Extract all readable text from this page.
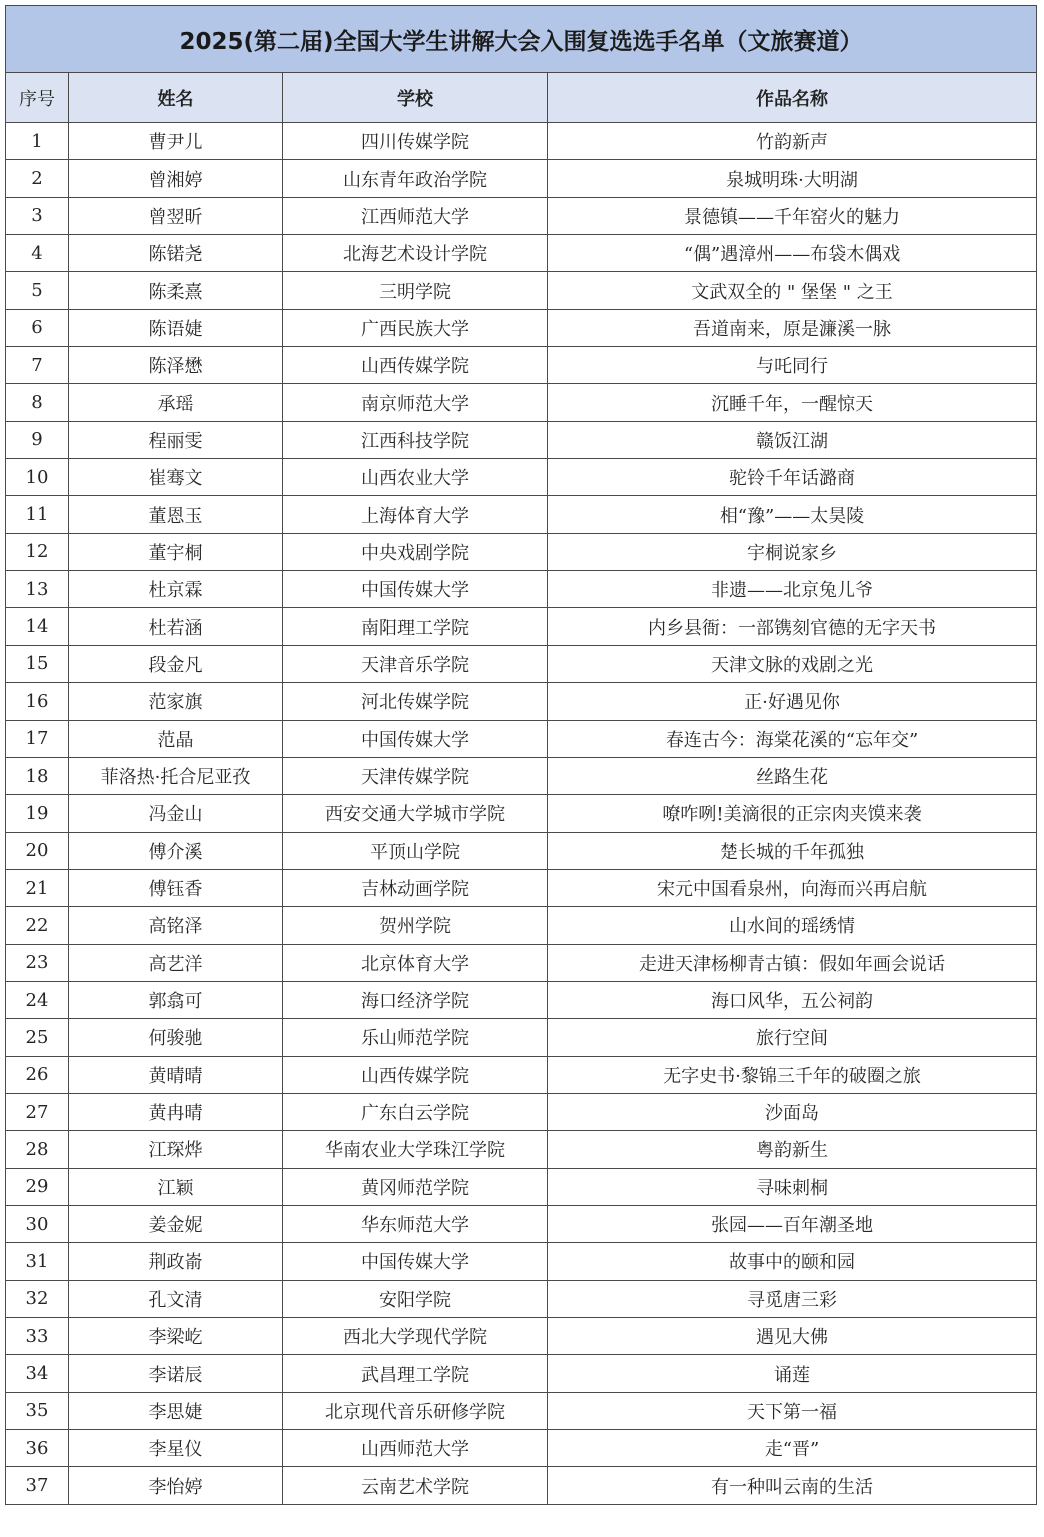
2025(第二届)全国大学生讲解大会入围复选选手名单（文旅赛道）			
序号	姓名	学校	作品名称
1	曹尹儿	四川传媒学院	竹韵新声
2	曾湘婷	山东青年政治学院	泉城明珠·大明湖
3	曾翌昕	江西师范大学	景德镇——千年窑火的魅力
4	陈锘尧	北海艺术设计学院	“偶”遇漳州——布袋木偶戏
5	陈柔熹	三明学院	文武双全的 " 堡堡 " 之王
6	陈语婕	广西民族大学	吾道南来，原是濂溪一脉
7	陈泽懋	山西传媒学院	与吒同行
8	承瑶	南京师范大学	沉睡千年，一醒惊天
9	程丽雯	江西科技学院	赣饭江湖
10	崔骞文	山西农业大学	驼铃千年话潞商
11	董恩玉	上海体育大学	相“豫”——太昊陵
12	董宇桐	中央戏剧学院	宇桐说家乡
13	杜京霖	中国传媒大学	非遗——北京兔儿爷
14	杜若涵	南阳理工学院	内乡县衙：一部镌刻官德的无字天书
15	段金凡	天津音乐学院	天津文脉的戏剧之光
16	范家旗	河北传媒学院	正·好遇见你
17	范晶	中国传媒大学	春连古今：海棠花溪的“忘年交”
18	菲洛热·托合尼亚孜	天津传媒学院	丝路生花
19	冯金山	西安交通大学城市学院	嘹咋咧!美滴很的正宗肉夹馍来袭
20	傅介溪	平顶山学院	楚长城的千年孤独
21	傅钰香	吉林动画学院	宋元中国看泉州，向海而兴再启航
22	高铭泽	贺州学院	山水间的瑶绣情
23	高艺洋	北京体育大学	走进天津杨柳青古镇：假如年画会说话
24	郭翕可	海口经济学院	海口风华，五公祠韵
25	何骏驰	乐山师范学院	旅行空间
26	黄晴晴	山西传媒学院	无字史书·黎锦三千年的破圈之旅
27	黄冉晴	广东白云学院	沙面岛
28	江琛烨	华南农业大学珠江学院	粤韵新生
29	江颖	黄冈师范学院	寻味刺桐
30	姜金妮	华东师范大学	张园——百年潮圣地
31	荆政嵛	中国传媒大学	故事中的颐和园
32	孔文清	安阳学院	寻觅唐三彩
33	李梁屹	西北大学现代学院	遇见大佛
34	李诺辰	武昌理工学院	诵莲
35	李思婕	北京现代音乐研修学院	天下第一福
36	李星仪	山西师范大学	走“晋”
37	李怡婷	云南艺术学院	有一种叫云南的生活
